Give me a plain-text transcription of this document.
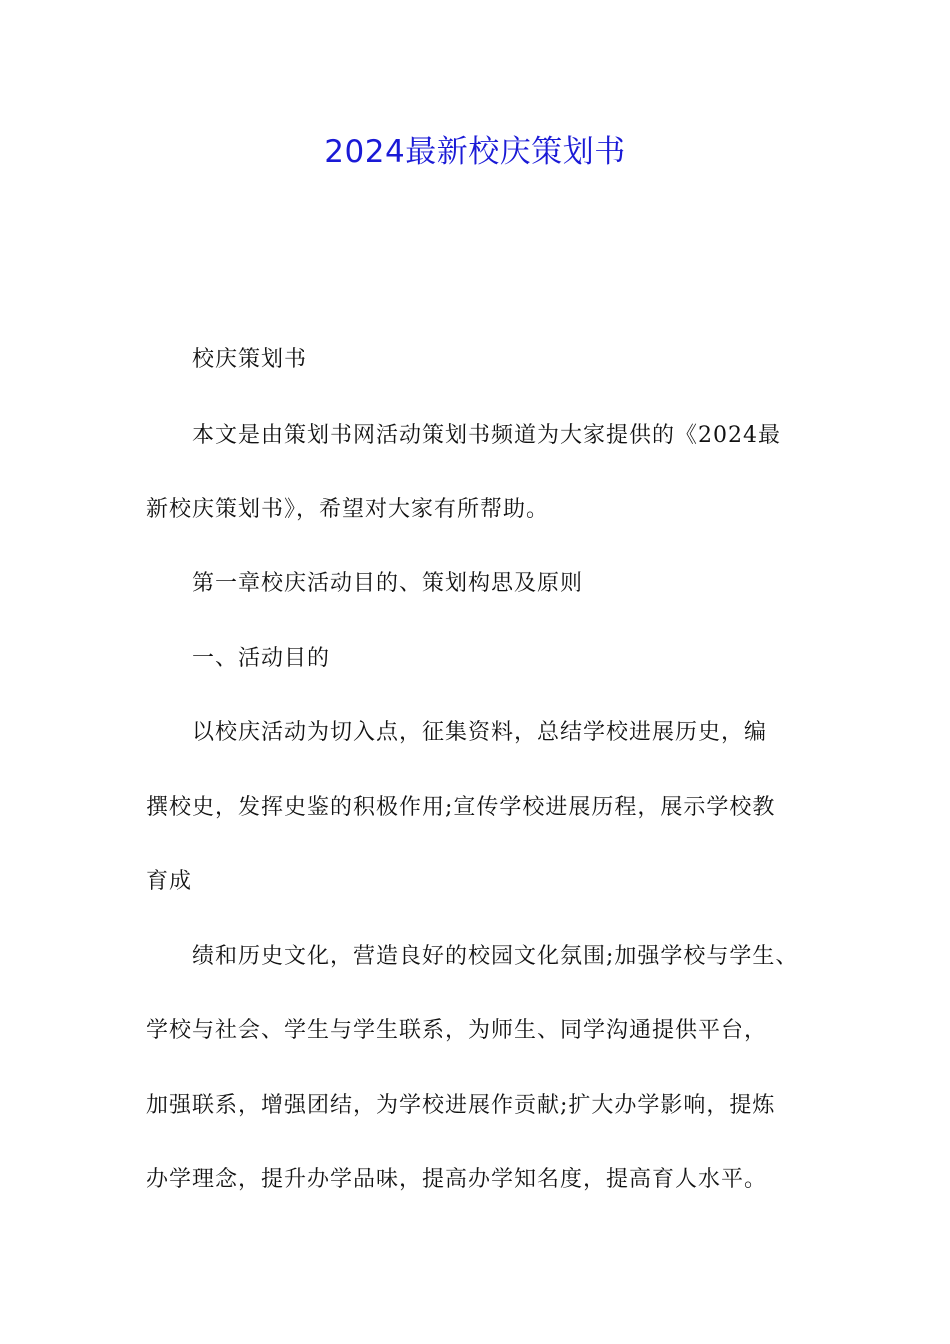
2024最新校庆策划书
校庆策划书
本文是由策划书网活动策划书频道为大家提供的《2024最
新校庆策划书》，希望对大家有所帮助。
第一章校庆活动目的、策划构思及原则
一、活动目的
以校庆活动为切入点，征集资料，总结学校进展历史，编
撰校史，发挥史鉴的积极作用;宣传学校进展历程，展示学校教
育成
绩和历史文化，营造良好的校园文化氛围;加强学校与学生、
学校与社会、学生与学生联系，为师生、同学沟通提供平台，
加强联系，增强团结，为学校进展作贡献;扩大办学影响，提炼
办学理念，提升办学品味，提高办学知名度，提高育人水平。
